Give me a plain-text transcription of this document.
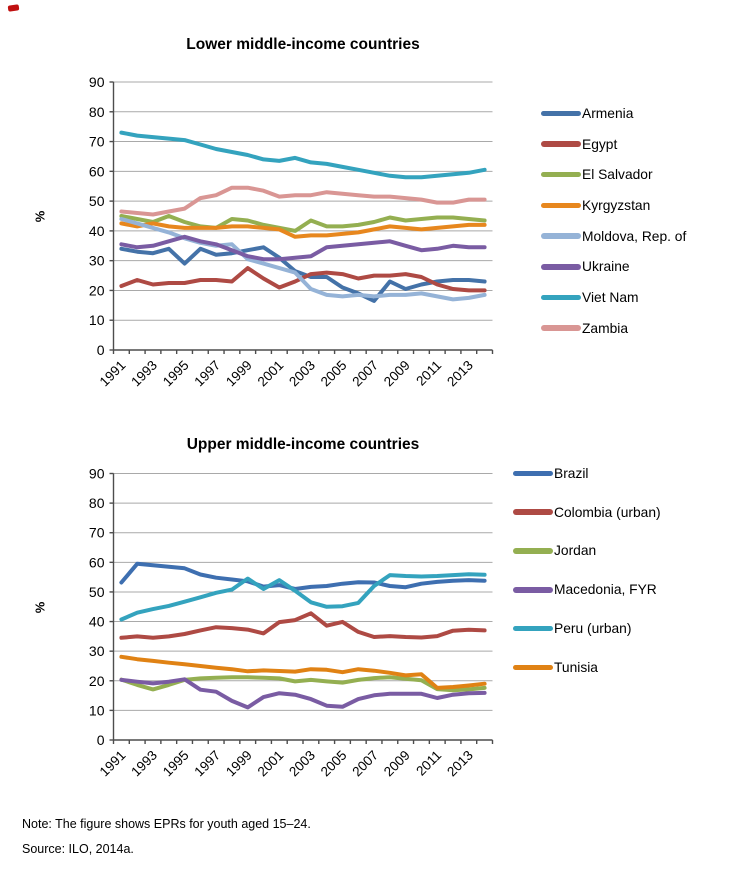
Lower middle-income countries
Upper middle-income countries
%
%
0
10
20
30
40
50
60
70
80
90
1991 1993 1995 1997 1999 2001 2003 2005 2007 2009 2011 2013
0
10
20
30
40
50
60
70
80
90
1991 1993 1995 1997 1999 2001 2003 2005 2007 2009 2011 2013
Armenia
Egypt
El Salvador
Kyrgyzstan
Moldova, Rep. of
Ukraine
Viet Nam
Zambia
Brazil
Colombia (urban)
Jordan
Macedonia, FYR
Peru (urban)
Tunisia
Note: The figure shows EPRs for youth aged 15–24.
Source: ILO, 2014a.
